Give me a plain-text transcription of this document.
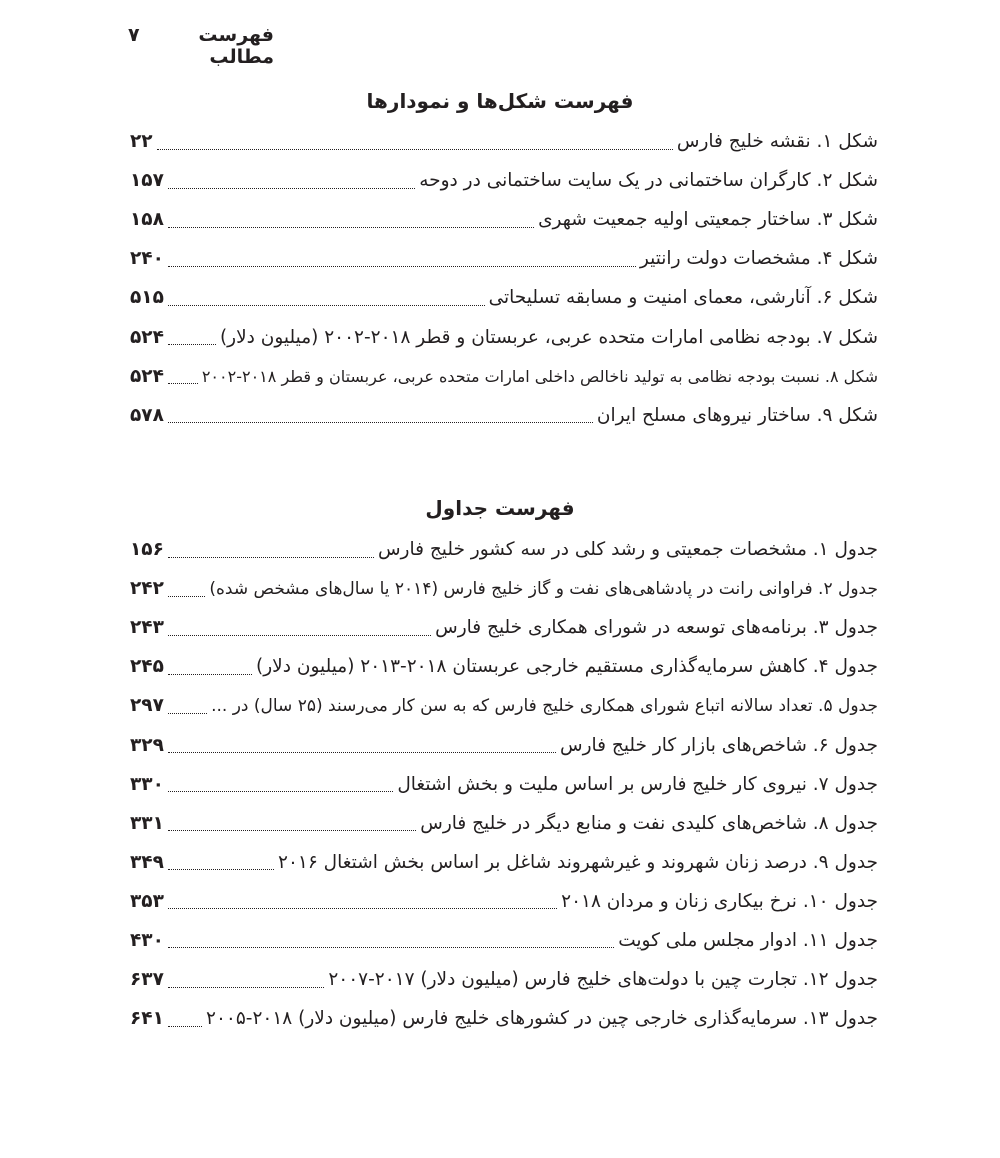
۷	فهرست مطالب
فهرست شکل‌ها و نمودارها
۲۲	شکل ۱. نقشه خلیج فارس
۱۵۷	شکل ۲. کارگران ساختمانی در یک سایت ساختمانی در دوحه
۱۵۸	شکل ۳. ساختار جمعیتی اولیه جمعیت شهری
۲۴۰	شکل ۴. مشخصات دولت رانتیر
۵۱۵	شکل ۶. آنارشی، معمای امنیت و مسابقه تسلیحاتی
۵۲۴	شکل ۷. بودجه نظامی امارات متحده عربی، عربستان و قطر ۲۰۱۸-۲۰۰۲ (میلیون دلار)
۵۲۴ شکل ۸. نسبت بودجه نظامی به تولید ناخالص داخلی امارات متحده عربی، عربستان و قطر ۲۰۱۸-۲۰۰۲
۵۷۸	شکل ۹. ساختار نیروهای مسلح ایران
فهرست جداول
۱۵۶	جدول ۱. مشخصات جمعیتی و رشد کلی در سه کشور خلیج فارس
۲۴۲	جدول ۲. فراوانی رانت در پادشاهی‌های نفت و گاز خلیج فارس (۲۰۱۴ یا سال‌های مشخص شده)
۲۴۳	جدول ۳. برنامه‌های توسعه در شورای همکاری خلیج فارس
۲۴۵	جدول ۴. کاهش سرمایه‌گذاری مستقیم خارجی عربستان ۲۰۱۸-۲۰۱۳ (میلیون دلار)
۲۹۷	جدول ۵. تعداد سالانه اتباع شورای همکاری خلیج فارس که به سن کار می‌رسند (۲۵ سال) در ...
۳۲۹	جدول ۶. شاخص‌های بازار کار خلیج فارس
۳۳۰	جدول ۷. نیروی کار خلیج فارس بر اساس ملیت و بخش اشتغال
۳۳۱	جدول ۸. شاخص‌های کلیدی نفت و منابع دیگر در خلیج فارس
۳۴۹	جدول ۹. درصد زنان شهروند و غیرشهروند شاغل بر اساس بخش اشتغال ۲۰۱۶
۳۵۳	جدول ۱۰. نرخ بیکاری زنان و مردان ۲۰۱۸
۴۳۰	جدول ۱۱. ادوار مجلس ملی کویت
۶۳۷	جدول ۱۲. تجارت چین با دولت‌های خلیج فارس (میلیون دلار) ۲۰۱۷-۲۰۰۷
۶۴۱ جدول ۱۳. سرمایه‌گذاری خارجی چین در کشورهای خلیج فارس (میلیون دلار) ۲۰۱۸-۲۰۰۵
